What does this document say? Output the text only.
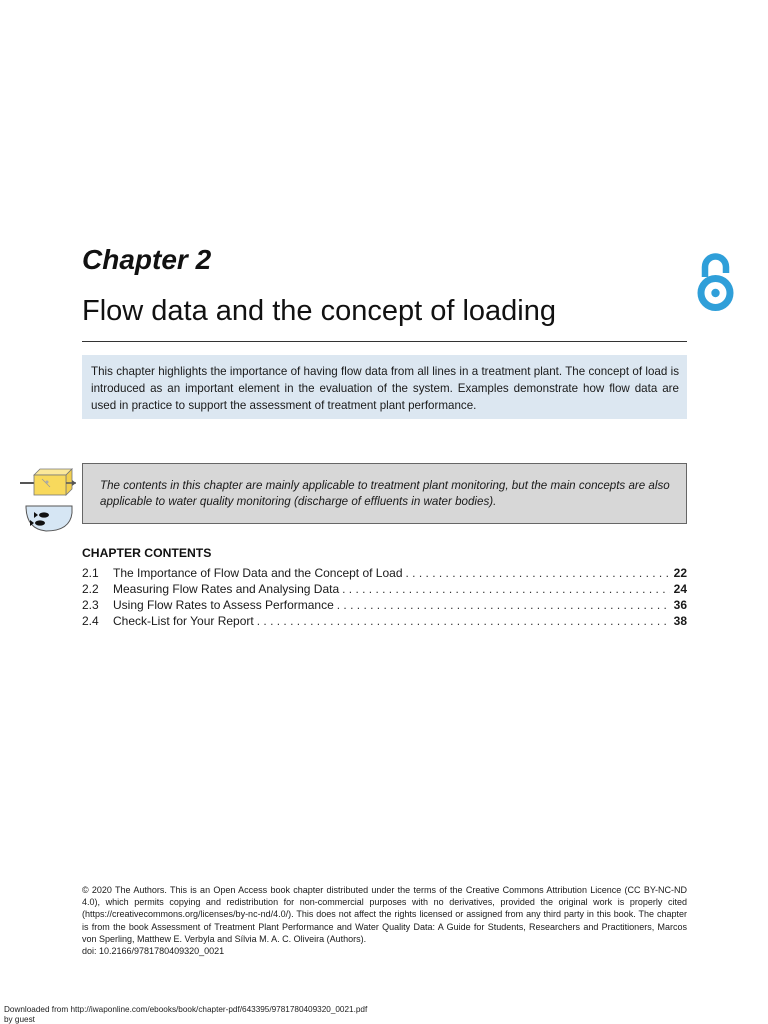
Chapter 2
Flow data and the concept of loading
This chapter highlights the importance of having flow data from all lines in a treatment plant. The concept of load is introduced as an important element in the evaluation of the system. Examples demonstrate how flow data are used in practice to support the assessment of treatment plant performance.
The contents in this chapter are mainly applicable to treatment plant monitoring, but the main concepts are also applicable to water quality monitoring (discharge of effluents in water bodies).
CHAPTER CONTENTS
2.1	The Importance of Flow Data and the Concept of Load . . .	22
2.2	Measuring Flow Rates and Analysing Data . . .	24
2.3	Using Flow Rates to Assess Performance . . .	36
2.4	Check-List for Your Report . . .	38
© 2020 The Authors. This is an Open Access book chapter distributed under the terms of the Creative Commons Attribution Licence (CC BY-NC-ND 4.0), which permits copying and redistribution for non-commercial purposes with no derivatives, provided the original work is properly cited (https://creativecommons.org/licenses/by-nc-nd/4.0/). This does not affect the rights licensed or assigned from any third party in this book. The chapter is from the book Assessment of Treatment Plant Performance and Water Quality Data: A Guide for Students, Researchers and Practitioners, Marcos von Sperling, Matthew E. Verbyla and Sílvia M. A. C. Oliveira (Authors).
doi: 10.2166/9781780409320_0021
Downloaded from http://iwaponline.com/ebooks/book/chapter-pdf/643395/9781780409320_0021.pdf
by guest
